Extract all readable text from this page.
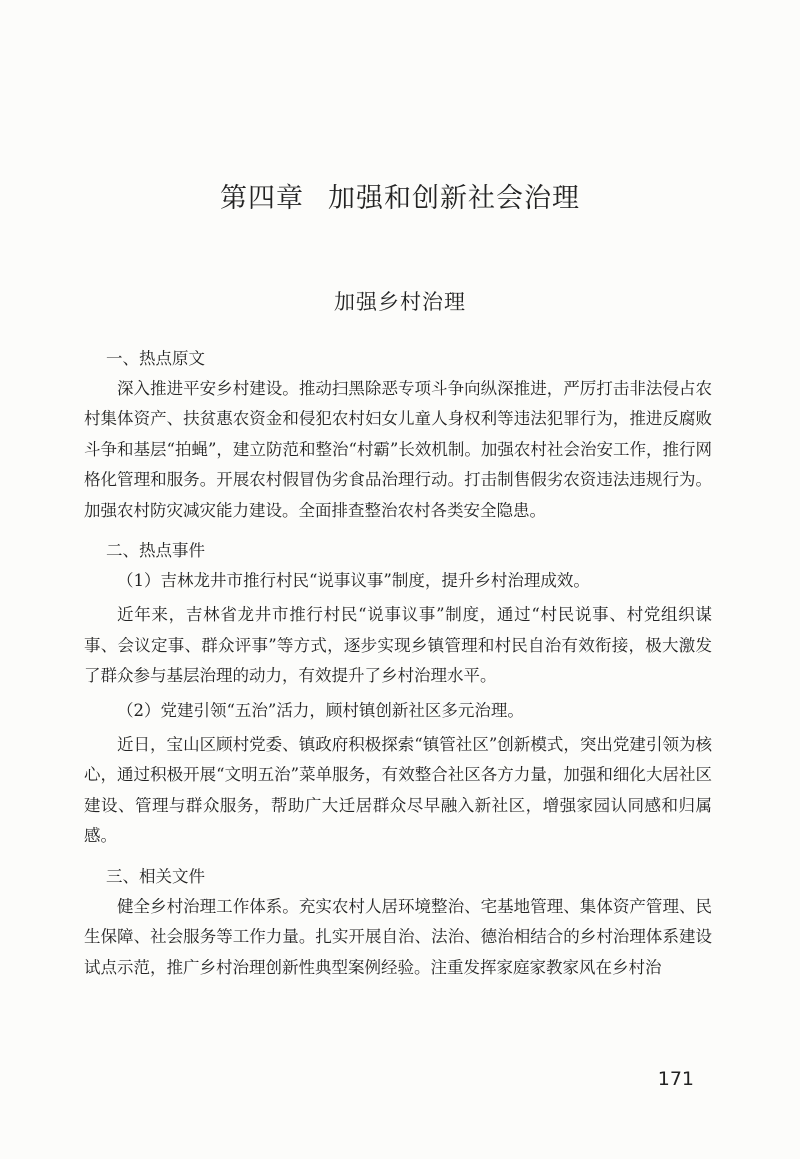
第四章 加强和创新社会治理
加强乡村治理
一、热点原文

深入推进平安乡村建设。推动扫黑除恶专项斗争向纵深推进，严厉打击非法侵占农村集体资产、扶贫惠农资金和侵犯农村妇女儿童人身权利等违法犯罪行为，推进反腐败斗争和基层“拍蝇”，建立防范和整治“村霸”长效机制。加强农村社会治安工作，推行网格化管理和服务。开展农村假冒伪劣食品治理行动。打击制售假劣农资违法违规行为。加强农村防灾减灾能力建设。全面排查整治农村各类安全隐患。

二、热点事件

（1）吉林龙井市推行村民“说事议事”制度，提升乡村治理成效。

近年来，吉林省龙井市推行村民“说事议事”制度，通过“村民说事、村党组织谋事、会议定事、群众评事”等方式，逐步实现乡镇管理和村民自治有效衔接，极大激发了群众参与基层治理的动力，有效提升了乡村治理水平。

（2）党建引领“五治”活力，顾村镇创新社区多元治理。

近日，宝山区顾村党委、镇政府积极探索“镇管社区”创新模式，突出党建引领为核心，通过积极开展“文明五治”菜单服务，有效整合社区各方力量，加强和细化大居社区建设、管理与群众服务，帮助广大迁居群众尽早融入新社区，增强家园认同感和归属感。

三、相关文件

健全乡村治理工作体系。充实农村人居环境整治、宅基地管理、集体资产管理、民生保障、社会服务等工作力量。扎实开展自治、法治、德治相结合的乡村治理体系建设试点示范，推广乡村治理创新性典型案例经验。注重发挥家庭家教家风在乡村治

171
